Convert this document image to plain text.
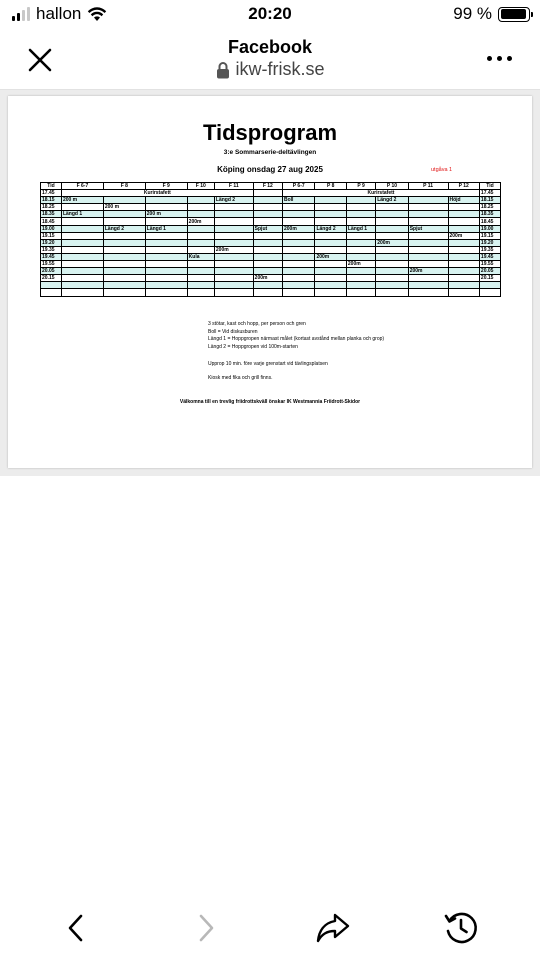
hallon	20:20	99 %
Facebook
ikw-frisk.se
Tidsprogram
3:e Sommarserie-deltävlingen
Köping onsdag 27 aug 2025	utgåva 1
Tid	F 6-7	F 8	F 9	F 10	F 11	F 12	P 6-7	P 8	P 9	P 10	P 11	P 12	Tid
17.45	Kurirstafett						Kurirstafett						17.45
18.15	200 m				Längd 2		Boll			Längd 2		Höjd	18.15
18.25		200 m											18.25
18.35	Längd 1		200 m										18.35
18.45				200m									18.45
19.00		Längd 2	Längd 1			Spjut	200m	Längd 2	Längd 1		Spjut		19.00
19.15												200m	19.15
19.20										200m			19.20
19.35					200m								19.35
19.45				Kula				200m					19.45
19.55									200m				19.55
20.05											200m		20.05
20.15						200m							20.15

3 stötar, kast och hopp, per person och gren
Boll = Vid diskusburen
Längd 1 = Hoppgropen närmast målet (kortast avstånd mellan planka och grop)
Längd 2 = Hoppgropen vid 100m-starten
Upprop 10 min. före varje grenstart vid tävlingsplatsen
Kiosk med fika och grill finns.
Välkomna till en trevlig friidrottskväll önskar IK Westmannia Friidrott-Skidor
